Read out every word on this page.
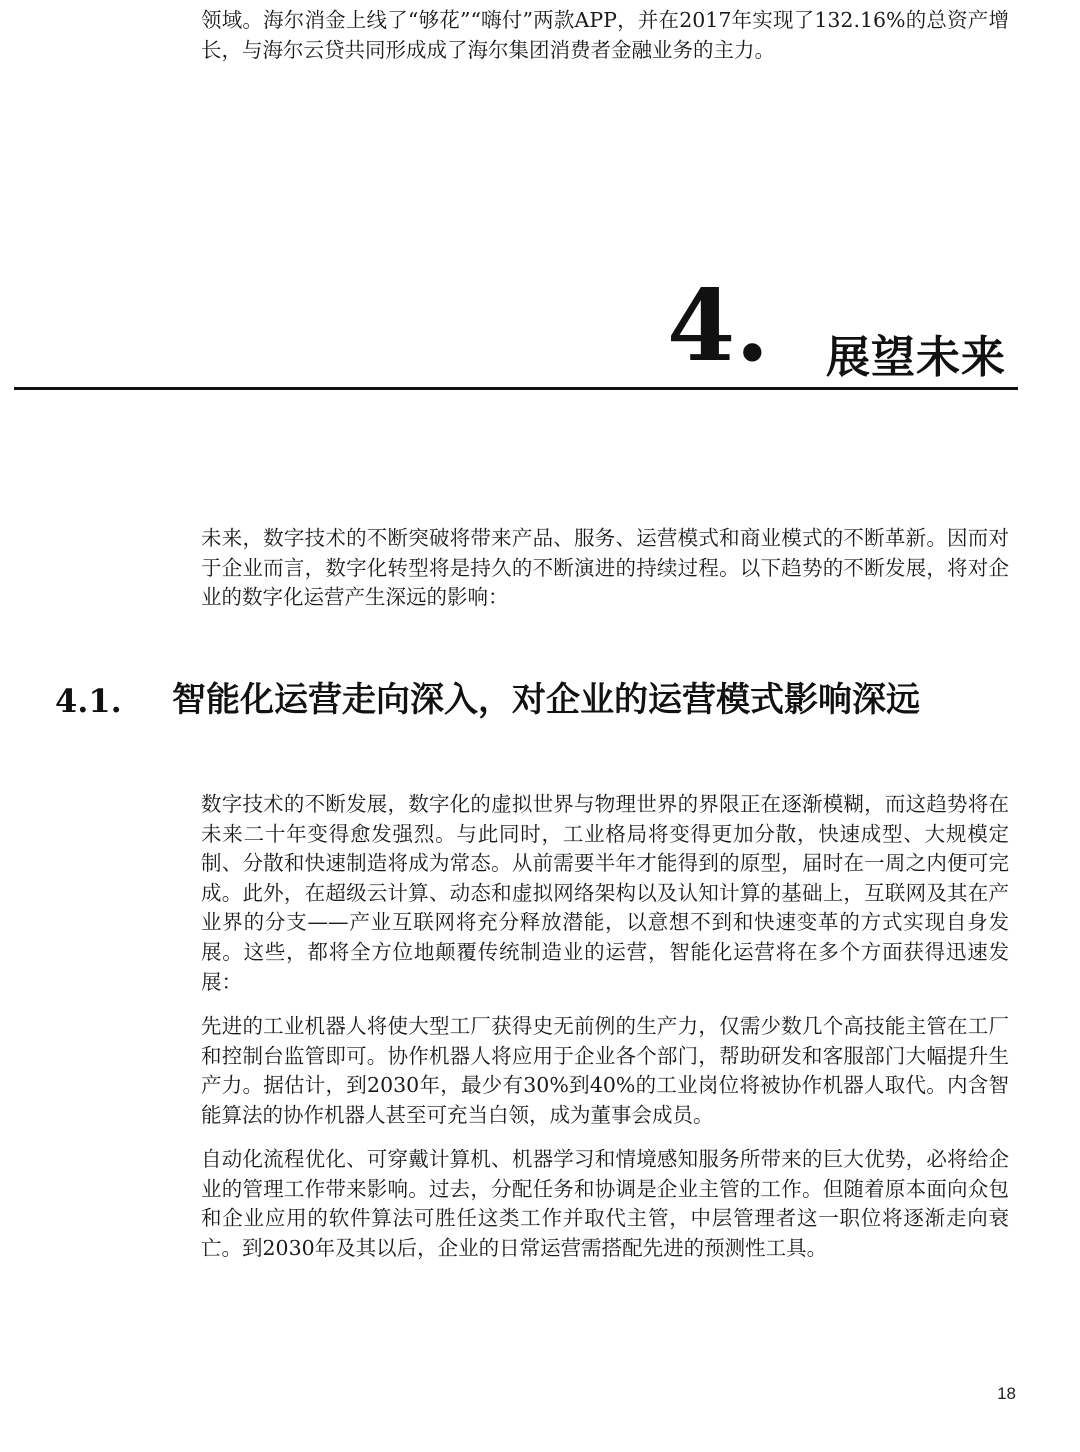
领域。海尔消金上线了“够花”“嗨付”两款APP，并在2017年实现了132.16%的总资产增长，与海尔云贷共同形成成了海尔集团消费者金融业务的主力。

4. 展望未来

未来，数字技术的不断突破将带来产品、服务、运营模式和商业模式的不断革新。因而对于企业而言，数字化转型将是持久的不断演进的持续过程。以下趋势的不断发展，将对企业的数字化运营产生深远的影响：

4.1. 智能化运营走向深入，对企业的运营模式影响深远

数字技术的不断发展，数字化的虚拟世界与物理世界的界限正在逐渐模糊，而这趋势将在未来二十年变得愈发强烈。与此同时，工业格局将变得更加分散，快速成型、大规模定制、分散和快速制造将成为常态。从前需要半年才能得到的原型，届时在一周之内便可完成。此外，在超级云计算、动态和虚拟网络架构以及认知计算的基础上，互联网及其在产业界的分支——产业互联网将充分释放潜能，以意想不到和快速变革的方式实现自身发展。这些，都将全方位地颠覆传统制造业的运营，智能化运营将在多个方面获得迅速发展：

先进的工业机器人将使大型工厂获得史无前例的生产力，仅需少数几个高技能主管在工厂和控制台监管即可。协作机器人将应用于企业各个部门，帮助研发和客服部门大幅提升生产力。据估计，到2030年，最少有30%到40%的工业岗位将被协作机器人取代。内含智能算法的协作机器人甚至可充当白领，成为董事会成员。

自动化流程优化、可穿戴计算机、机器学习和情境感知服务所带来的巨大优势，必将给企业的管理工作带来影响。过去，分配任务和协调是企业主管的工作。但随着原本面向众包和企业应用的软件算法可胜任这类工作并取代主管，中层管理者这一职位将逐渐走向衰亡。到2030年及其以后，企业的日常运营需搭配先进的预测性工具。

18
